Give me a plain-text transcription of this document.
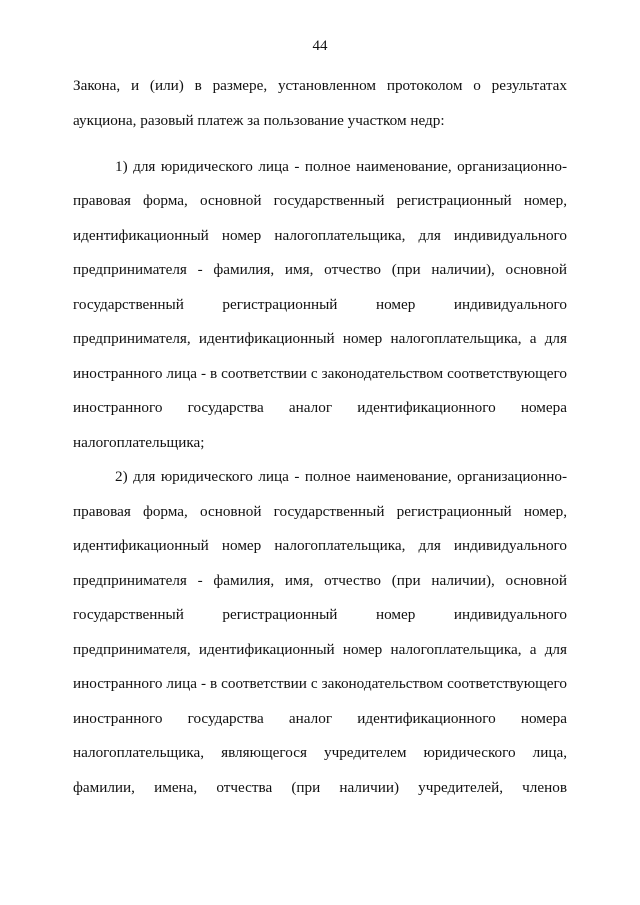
44
Закона, и (или) в размере, установленном протоколом о результатах
аукциона, разовый платеж за пользование участком недр:
1) для юридического лица - полное наименование, организационно-
правовая форма, основной государственный регистрационный номер,
идентификационный номер налогоплательщика, для индивидуального
предпринимателя - фамилия, имя, отчество (при наличии), основной
государственный регистрационный номер индивидуального
предпринимателя, идентификационный номер налогоплательщика, а для
иностранного лица - в соответствии с законодательством соответствующего
иностранного государства аналог идентификационного номера
налогоплательщика;
2) для юридического лица - полное наименование, организационно-
правовая форма, основной государственный регистрационный номер,
идентификационный номер налогоплательщика, для индивидуального
предпринимателя - фамилия, имя, отчество (при наличии), основной
государственный регистрационный номер индивидуального
предпринимателя, идентификационный номер налогоплательщика, а для
иностранного лица - в соответствии с законодательством соответствующего
иностранного государства аналог идентификационного номера
налогоплательщика, являющегося учредителем юридического лица,
фамилии, имена, отчества (при наличии) учредителей, членов
